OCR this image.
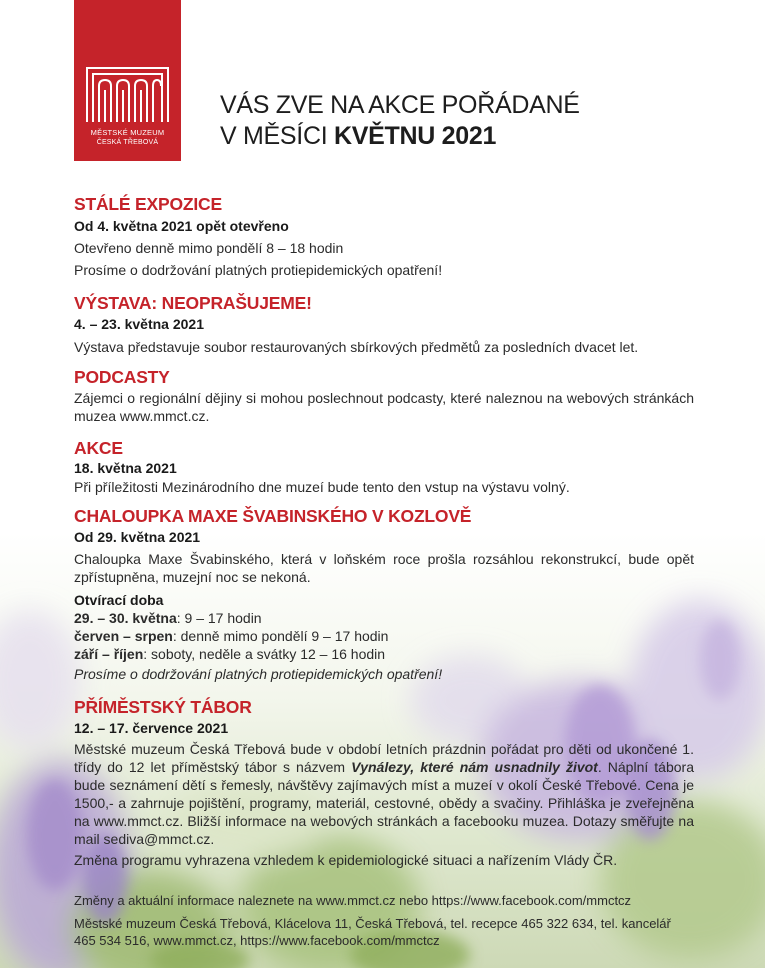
MĚSTSKÉ MUZEUM
ČESKÁ TŘEBOVÁ
VÁS ZVE NA AKCE POŘÁDANÉ
V MĚSÍCI KVĚTNU 2021
STÁLÉ EXPOZICE
Od 4. května 2021 opět otevřeno
Otevřeno denně mimo pondělí 8 – 18 hodin
Prosíme o dodržování platných protiepidemických opatření!
VÝSTAVA: NEOPRAŠUJEME!
4. – 23. května 2021
Výstava představuje soubor restaurovaných sbírkových předmětů za posledních dvacet let.
PODCASTY
Zájemci o regionální dějiny si mohou poslechnout podcasty, které naleznou na webových stránkách muzea www.mmct.cz.
AKCE
18. května 2021
Při příležitosti Mezinárodního dne muzeí bude tento den vstup na výstavu volný.
CHALOUPKA MAXE ŠVABINSKÉHO V KOZLOVĚ
Od 29. května 2021
Chaloupka Maxe Švabinského, která v loňském roce prošla rozsáhlou rekonstrukcí, bude opět zpřístupněna, muzejní noc se nekoná.
Otvírací doba
29. – 30. května: 9 – 17 hodin
červen – srpen: denně mimo pondělí 9 – 17 hodin
září – říjen: soboty, neděle a svátky 12 – 16 hodin
Prosíme o dodržování platných protiepidemických opatření!
PŘÍMĚSTSKÝ TÁBOR
12. – 17. července 2021
Městské muzeum Česká Třebová bude v období letních prázdnin pořádat pro děti od ukončené 1. třídy do 12 let příměstský tábor s názvem Vynálezy, které nám usnadnily život. Náplní tábora bude seznámení dětí s řemesly, návštěvy zajímavých míst a muzeí v okolí České Třebové. Cena je 1500,- a zahrnuje pojištění, programy, materiál, cestovné, obědy a svačiny. Přihláška je zveřejněna na www.mmct.cz. Bližší informace na webových stránkách a facebooku muzea. Dotazy směřujte na mail sediva@mmct.cz.
Změna programu vyhrazena vzhledem k epidemiologické situaci a nařízením Vlády ČR.
Změny a aktuální informace naleznete na www.mmct.cz nebo https://www.facebook.com/mmctcz
Městské muzeum Česká Třebová, Klácelova 11, Česká Třebová, tel. recepce 465 322 634, tel. kancelář 465 534 516, www.mmct.cz, https://www.facebook.com/mmctcz
